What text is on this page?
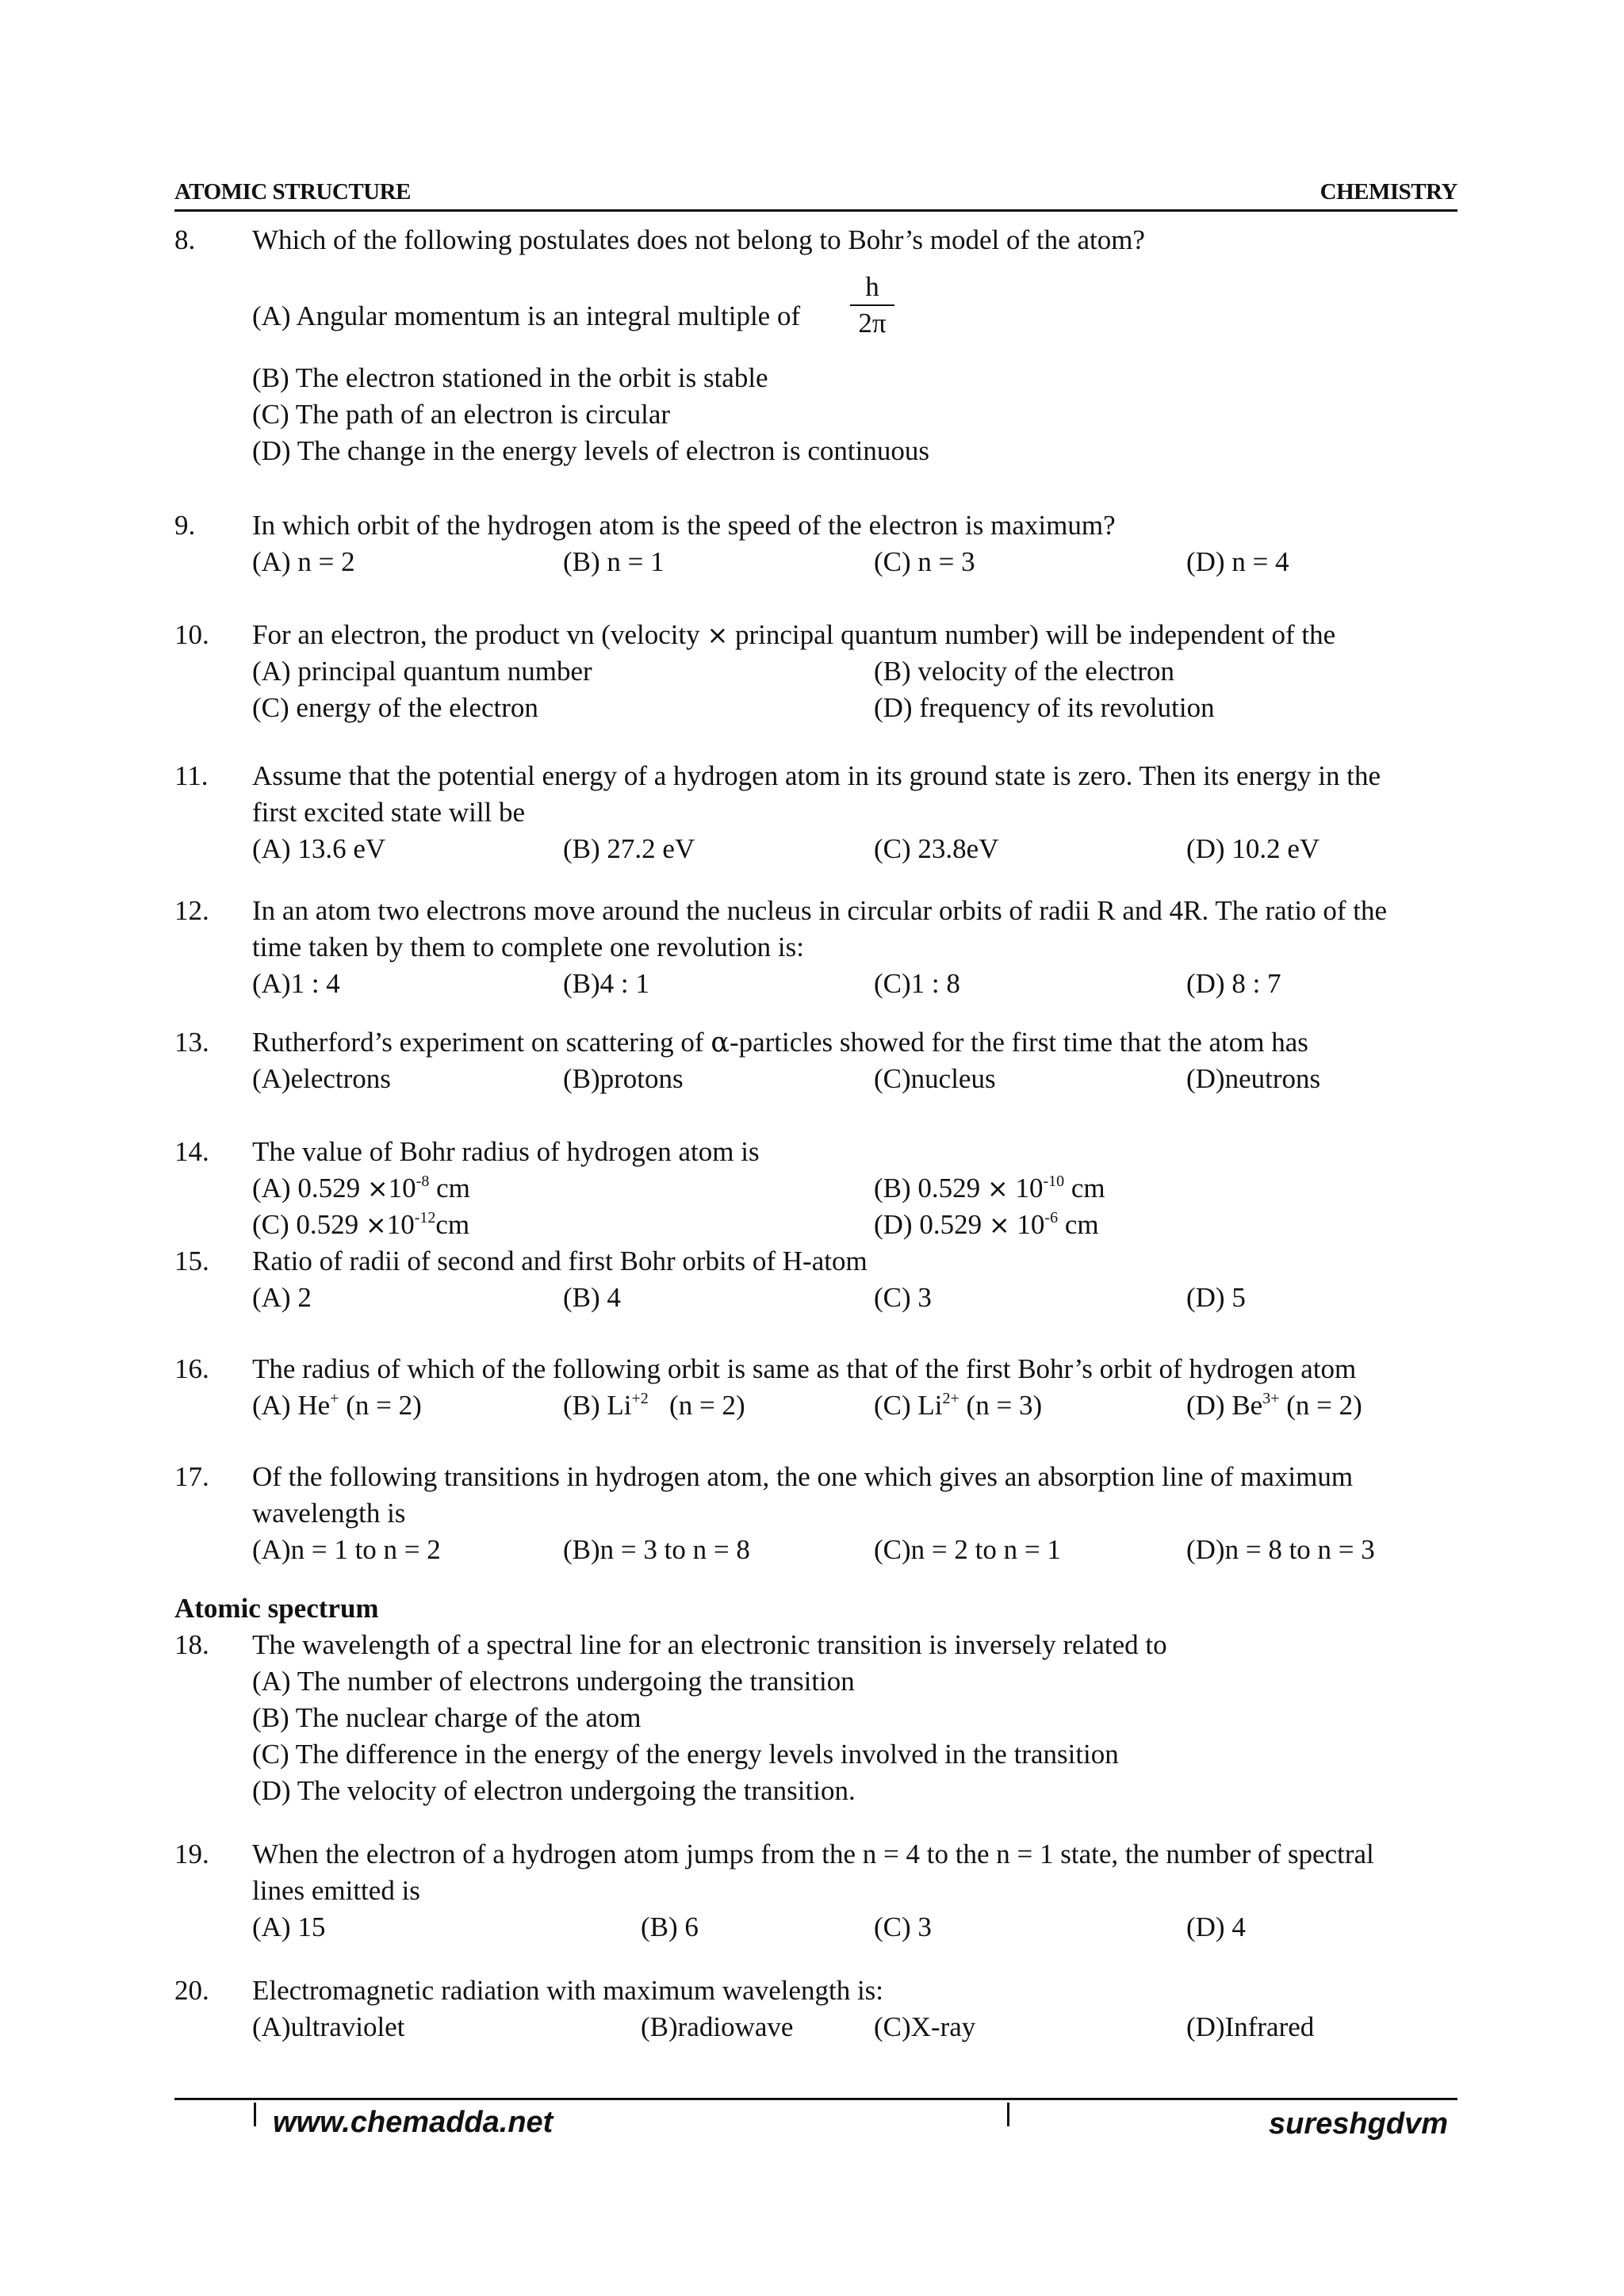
ATOMIC STRUCTURE	CHEMISTRY
8. Which of the following postulates does not belong to Bohr’s model of the atom?
(A) Angular momentum is an integral multiple of
h
2π
(B) The electron stationed in the orbit is stable
(C) The path of an electron is circular
(D) The change in the energy levels of electron is continuous
9. In which orbit of the hydrogen atom is the speed of the electron is maximum?
(A) n = 2	(B) n = 1	(C) n = 3	(D) n = 4
10. For an electron, the product vn (velocity × principal quantum number) will be independent of the
(A) principal quantum number	(B) velocity of the electron
(C) energy of the electron	(D) frequency of its revolution
11. Assume that the potential energy of a hydrogen atom in its ground state is zero. Then its energy in the
first excited state will be
(A) 13.6 eV	(B) 27.2 eV	(C) 23.8eV	(D) 10.2 eV
12. In an atom two electrons move around the nucleus in circular orbits of radii R and 4R. The ratio of the
time taken by them to complete one revolution is:
(A)1 : 4	(B)4 : 1	(C)1 : 8	(D) 8 : 7
13. Rutherford’s experiment on scattering of α-particles showed for the first time that the atom has
(A)electrons	(B)protons	(C)nucleus	(D)neutrons
14. The value of Bohr radius of hydrogen atom is
(A) $0.529 \times 10^{-8}$ cm	(B) $0.529 \times 10^{-10}$ cm
(C) $0.529 \times 10^{-12}cm$	(D) $0.529 \times 10^{-6}$ cm
15. Ratio of radii of second and first Bohr orbits of H-atom
(A) 2	(B) 4	(C) 3	(D) 5
16. The radius of which of the following orbit is same as that of the first Bohr’s orbit of hydrogen atom
(A) He+ (n = 2)	(B) $Li^{+2}$   (n = 2)	(C) $Li^{2+}$ (n = 3)	(D) $Be^{3+}$ (n = 2)
17. Of the following transitions in hydrogen atom, the one which gives an absorption line of maximum
wavelength is
(A)n = 1 to n = 2	(B)n = 3 to n = 8	(C)n = 2 to n = 1	(D)n = 8 to n = 3
Atomic spectrum
18. The wavelength of a spectral line for an electronic transition is inversely related to
(A) The number of electrons undergoing the transition
(B) The nuclear charge of the atom
(C) The difference in the energy of the energy levels involved in the transition
(D) The velocity of electron undergoing the transition.
19. When the electron of a hydrogen atom jumps from the n = 4 to the n = 1 state, the number of spectral
lines emitted is
(A) 15	(B) 6	(C) 3	(D) 4
20. Electromagnetic radiation with maximum wavelength is:
(A)ultraviolet	(B)radiowave	(C)X-ray	(D)Infrared
www.chemadda.net	sureshgdvm
